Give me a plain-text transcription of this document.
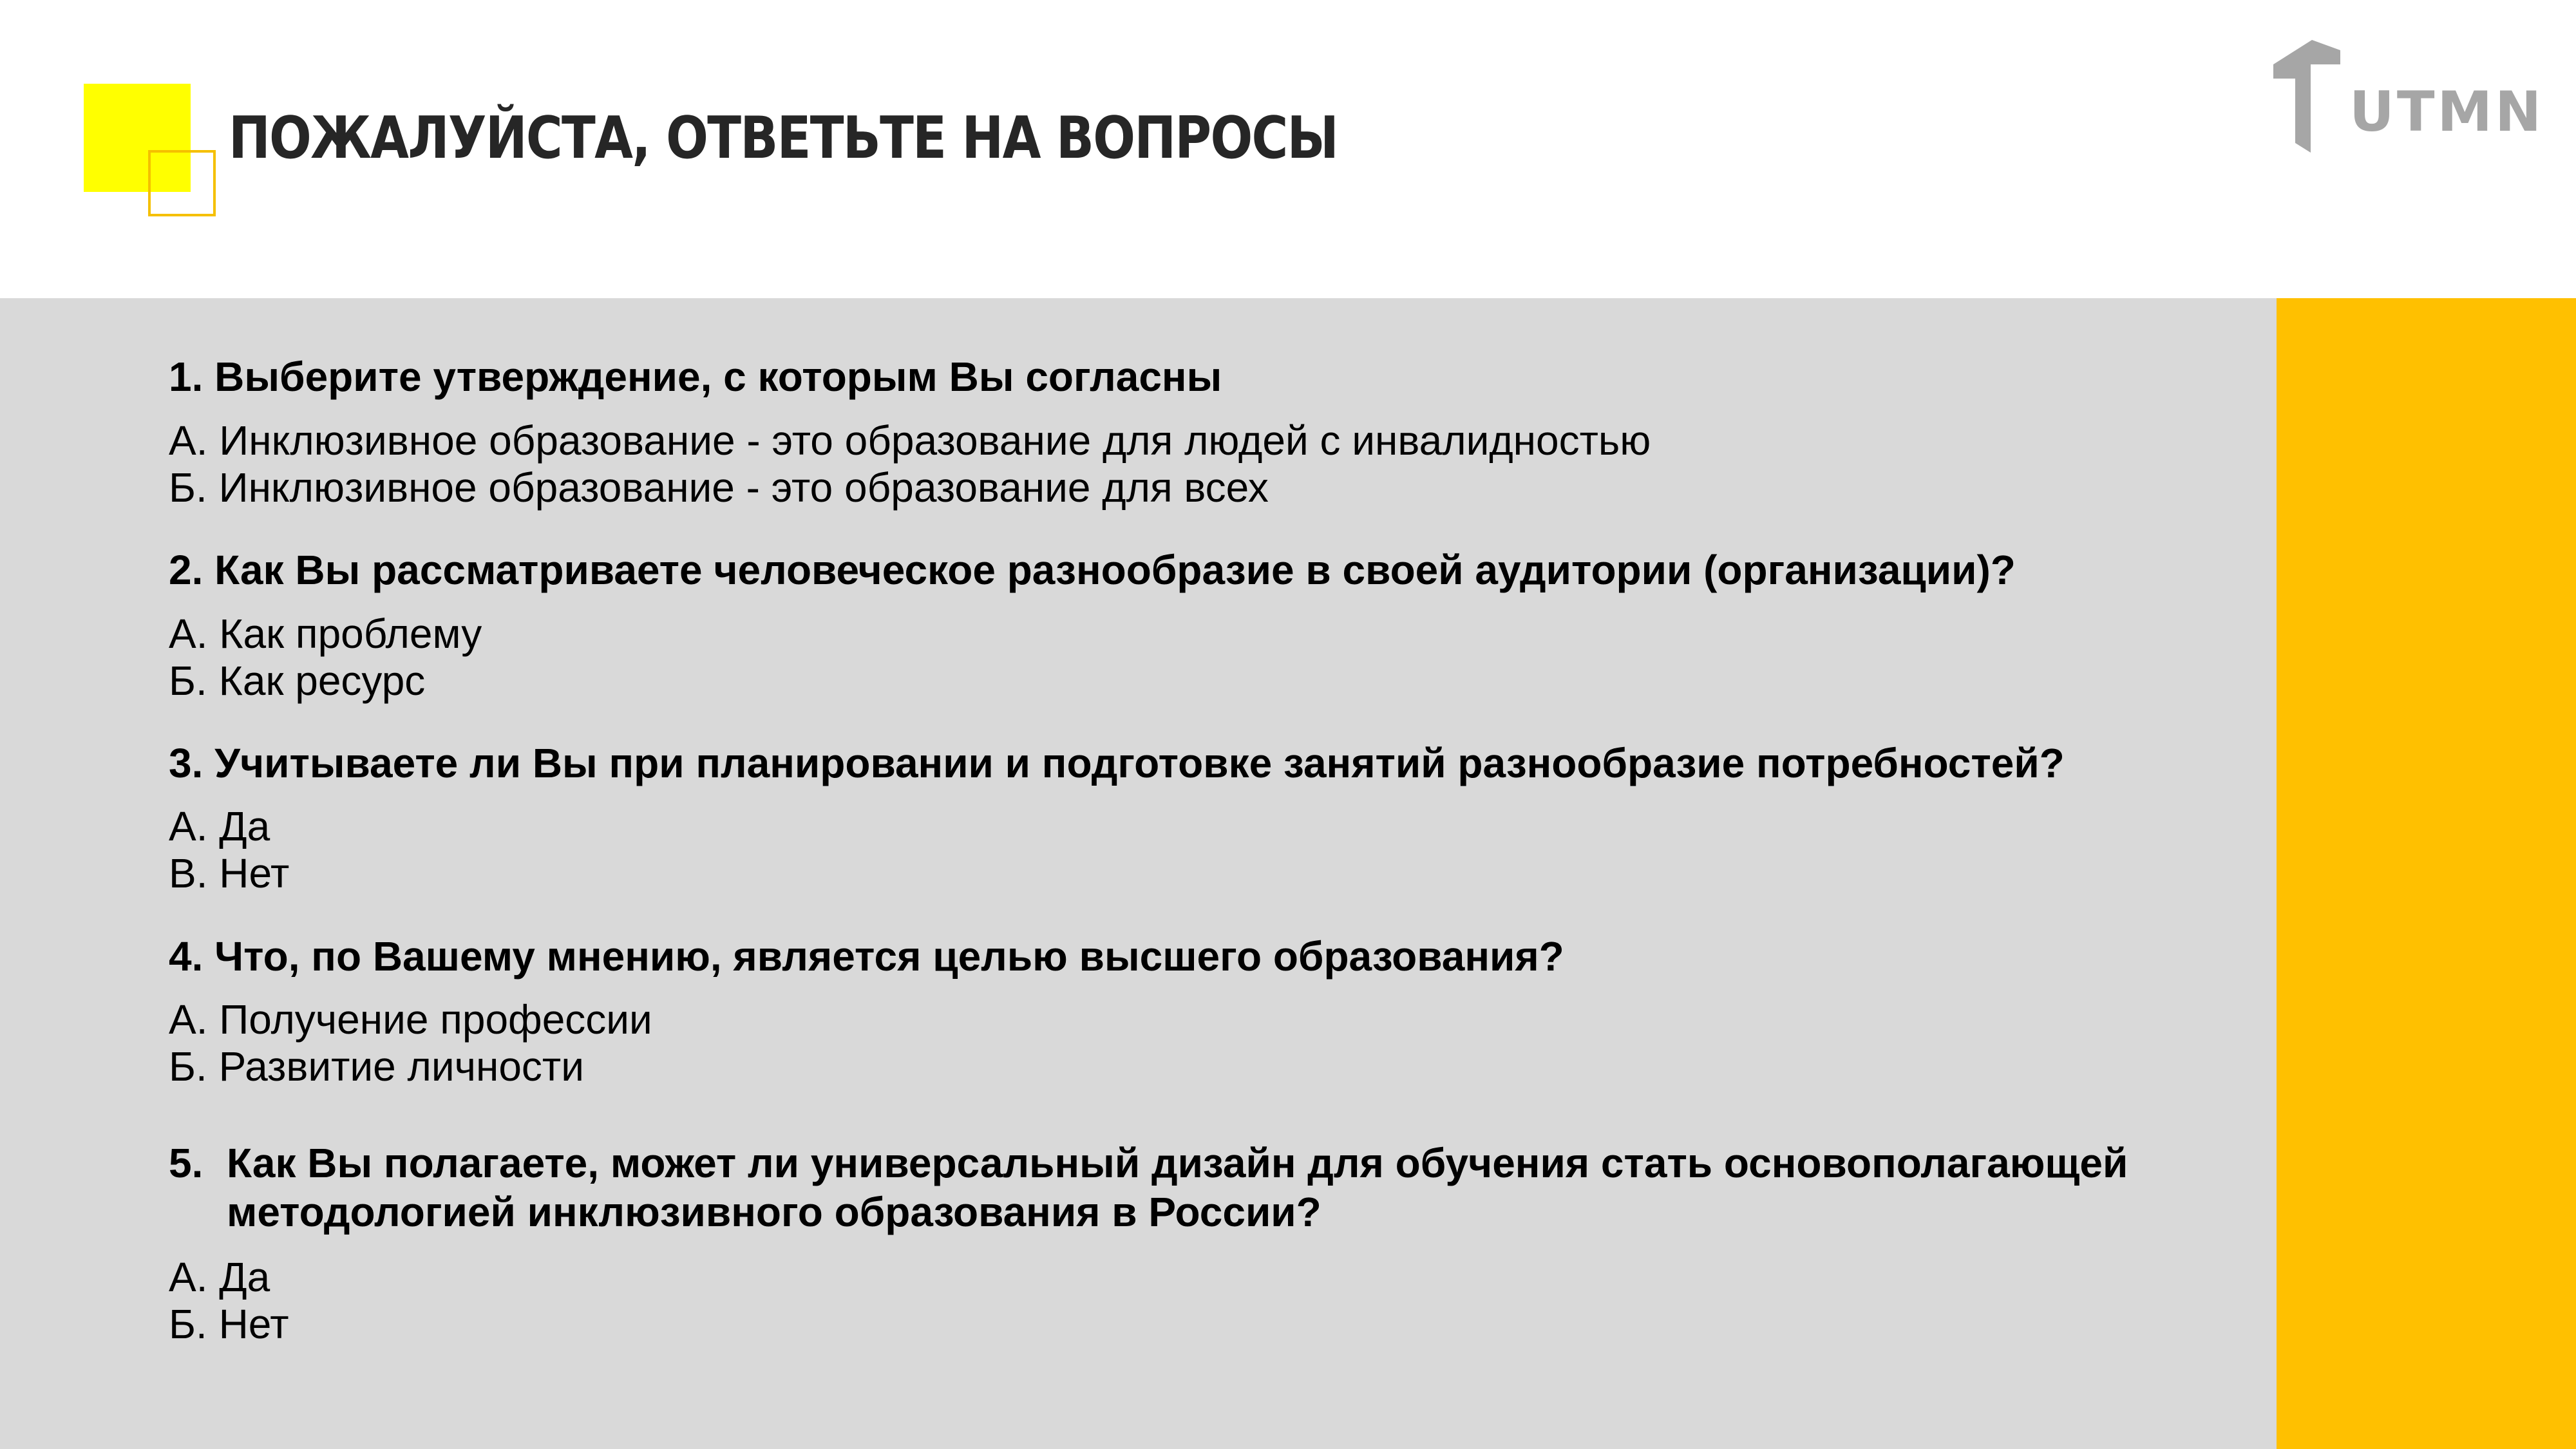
ПОЖАЛУЙСТА, ОТВЕТЬТЕ НА ВОПРОСЫ	UTMN
1. Выберите утверждение, с которым Вы согласны
А. Инклюзивное образование - это образование для людей с инвалидностью
Б. Инклюзивное образование - это образование для всех
2. Как Вы рассматриваете человеческое разнообразие в своей аудитории (организации)?
А. Как проблему
Б. Как ресурс
3. Учитываете ли Вы при планировании и подготовке занятий разнообразие потребностей?
А. Да
В. Нет
4. Что, по Вашему мнению, является целью высшего образования?
А. Получение профессии
Б. Развитие личности
5. Как Вы полагаете, может ли универсальный дизайн для обучения стать основополагающей
методологией инклюзивного образования в России?
А. Да
Б. Нет
